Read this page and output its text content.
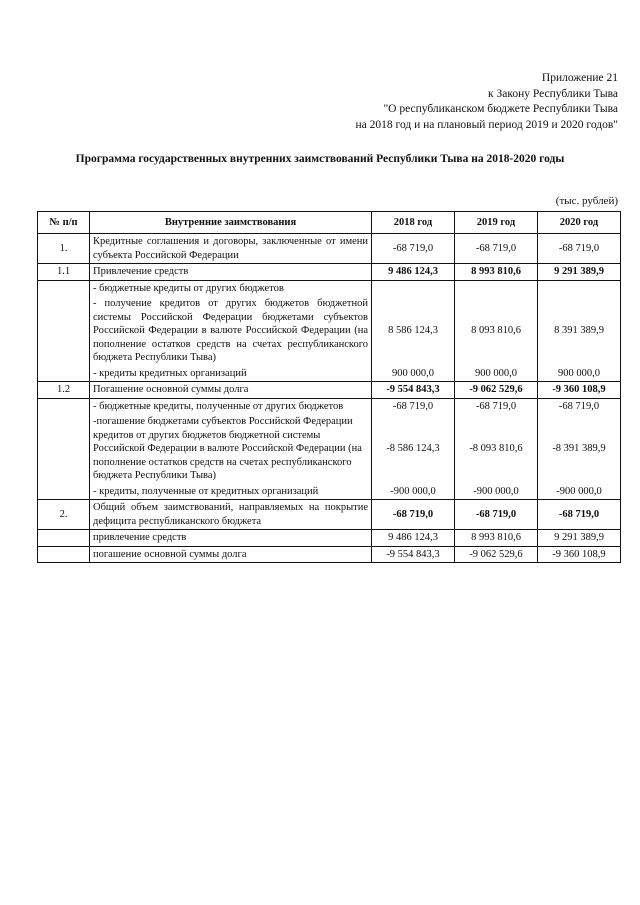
Приложение 21
к Закону Республики Тыва
"О республиканском бюджете Республики Тыва
на 2018 год и на плановый период 2019 и 2020 годов"
Программа государственных внутренних заимствований Республики Тыва на 2018-2020 годы
(тыс. рублей)
№ п/п	Внутренние заимствования	2018 год	2019 год	2020 год
1.	Кредитные соглашения и договоры, заключенные от имени субъекта Российской Федерации	-68 719,0	-68 719,0	-68 719,0
1.1	Привлечение средств	9 486 124,3	8 993 810,6	9 291 389,9
	- бюджетные кредиты от других бюджетов			
	- получение кредитов от других бюджетов бюджетной системы Российской Федерации бюджетами субъектов Российской Федерации в валюте Российской Федерации (на пополнение остатков средств на счетах республиканского бюджета Республики Тыва)	8 586 124,3	8 093 810,6	8 391 389,9
	- кредиты кредитных организаций	900 000,0	900 000,0	900 000,0
1.2	Погашение основной суммы долга	-9 554 843,3	-9 062 529,6	-9 360 108,9
	- бюджетные кредиты, полученные от других бюджетов	-68 719,0	-68 719,0	-68 719,0
	-погашение бюджетами субъектов Российской Федерации кредитов от других бюджетов бюджетной системы Российской Федерации в валюте Российской Федерации (на пополнение остатков средств на счетах республиканского бюджета Республики Тыва)	-8 586 124,3	-8 093 810,6	-8 391 389,9
	- кредиты, полученные от кредитных организаций	-900 000,0	-900 000,0	-900 000,0
2.	Общий объем заимствований, направляемых на покрытие дефицита республиканского бюджета	-68 719,0	-68 719,0	-68 719,0
	привлечение средств	9 486 124,3	8 993 810,6	9 291 389,9
	погашение основной суммы долга	-9 554 843,3	-9 062 529,6	-9 360 108,9
